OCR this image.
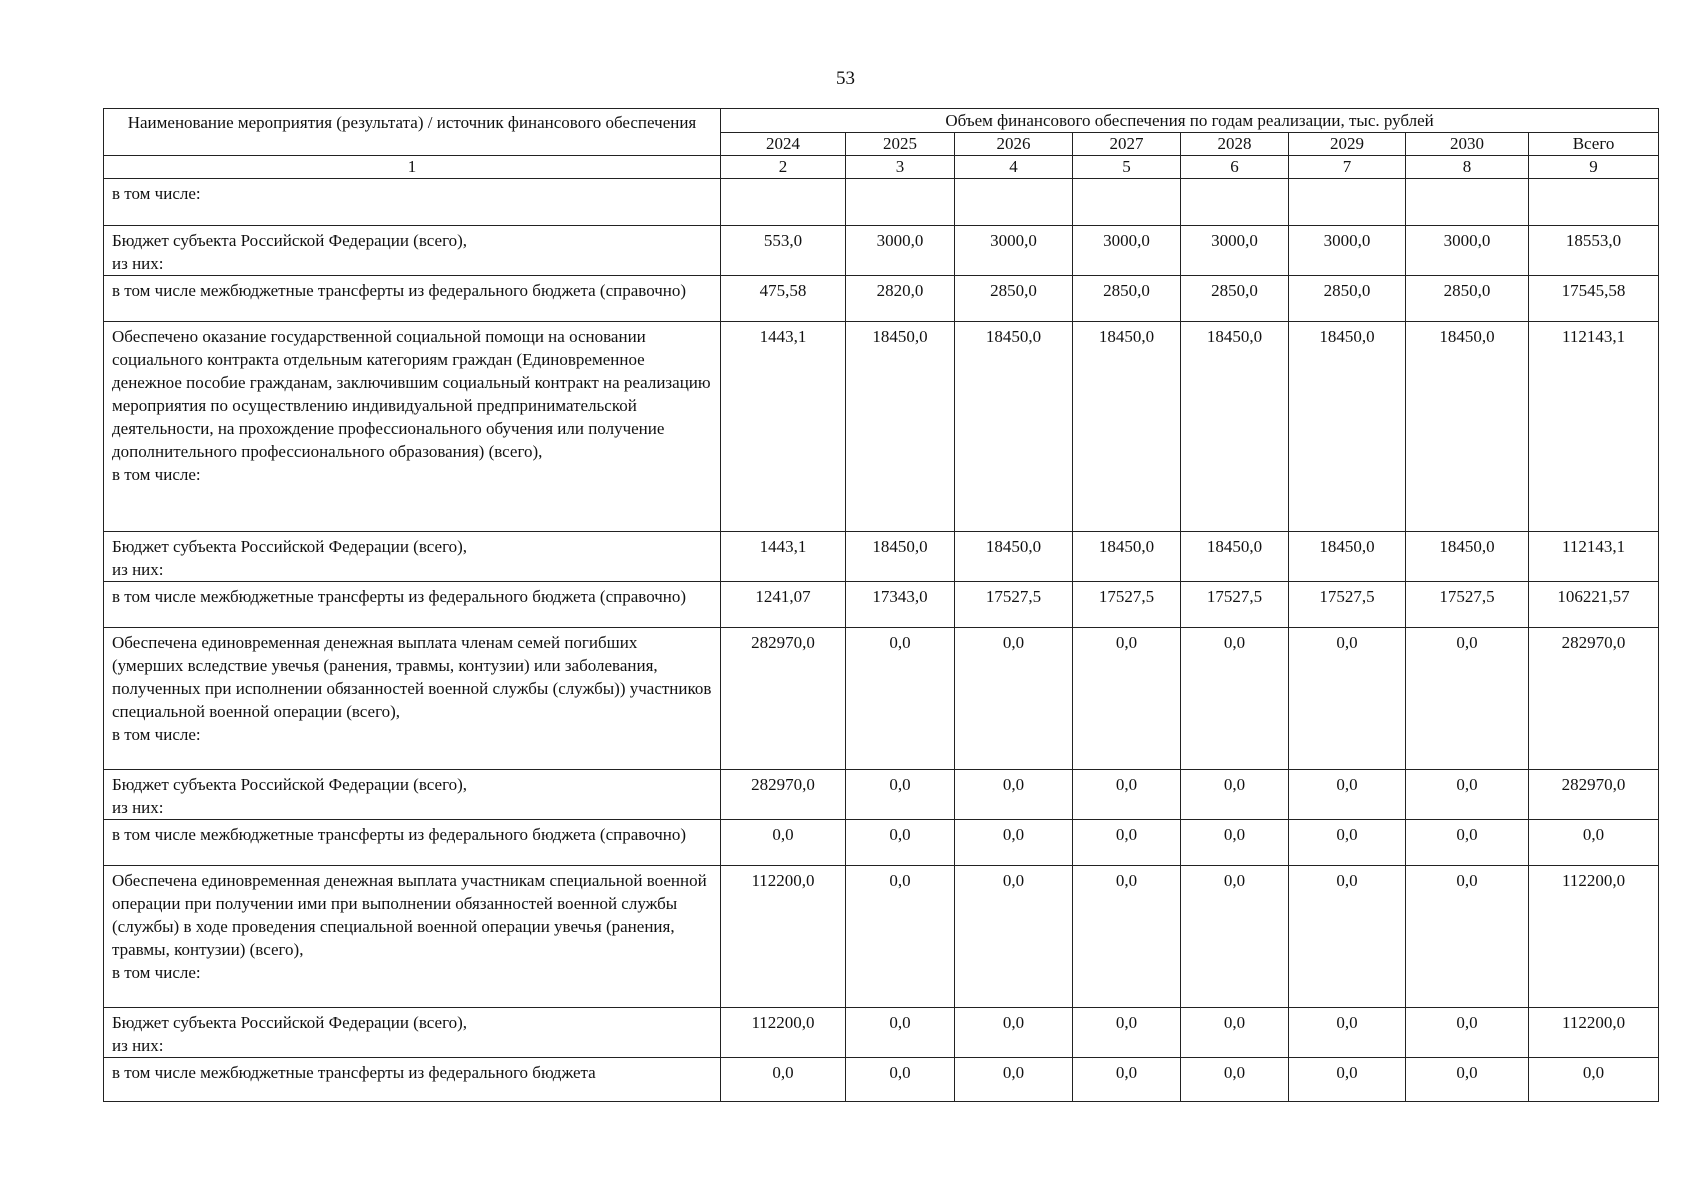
53
Наименование мероприятия (результата) / источник финансового обеспечения	Объем финансового обеспечения по годам реализации, тыс. рублей							
	2024	2025	2026	2027	2028	2029	2030	Всего
1	2	3	4	5	6	7	8	9
в том числе:								
Бюджет субъекта Российской Федерации (всего),
из них:	553,0	3000,0	3000,0	3000,0	3000,0	3000,0	3000,0	18553,0
в том числе межбюджетные трансферты из федерального бюджета (справочно)	475,58	2820,0	2850,0	2850,0	2850,0	2850,0	2850,0	17545,58
Обеспечено оказание государственной социальной помощи на основании социального контракта отдельным категориям граждан (Единовременное денежное пособие гражданам, заключившим социальный контракт на реализацию мероприятия по осуществлению индивидуальной предпринимательской деятельности, на прохождение профессионального обучения или получение дополнительного профессионального образования) (всего),
в том числе:	1443,1	18450,0	18450,0	18450,0	18450,0	18450,0	18450,0	112143,1
Бюджет субъекта Российской Федерации (всего),
из них:	1443,1	18450,0	18450,0	18450,0	18450,0	18450,0	18450,0	112143,1
в том числе межбюджетные трансферты из федерального бюджета (справочно)	1241,07	17343,0	17527,5	17527,5	17527,5	17527,5	17527,5	106221,57
Обеспечена единовременная денежная выплата членам семей погибших (умерших вследствие увечья (ранения, травмы, контузии) или заболевания, полученных при исполнении обязанностей военной службы (службы)) участников специальной военной операции (всего),
в том числе:	282970,0	0,0	0,0	0,0	0,0	0,0	0,0	282970,0
Бюджет субъекта Российской Федерации (всего),
из них:	282970,0	0,0	0,0	0,0	0,0	0,0	0,0	282970,0
в том числе межбюджетные трансферты из федерального бюджета (справочно)	0,0	0,0	0,0	0,0	0,0	0,0	0,0	0,0
Обеспечена единовременная денежная выплата участникам специальной военной операции при получении ими при выполнении обязанностей военной службы (службы) в ходе проведения специальной военной операции увечья (ранения, травмы, контузии) (всего),
в том числе:	112200,0	0,0	0,0	0,0	0,0	0,0	0,0	112200,0
Бюджет субъекта Российской Федерации (всего),
из них:	112200,0	0,0	0,0	0,0	0,0	0,0	0,0	112200,0
в том числе межбюджетные трансферты из федерального бюджета	0,0	0,0	0,0	0,0	0,0	0,0	0,0	0,0
